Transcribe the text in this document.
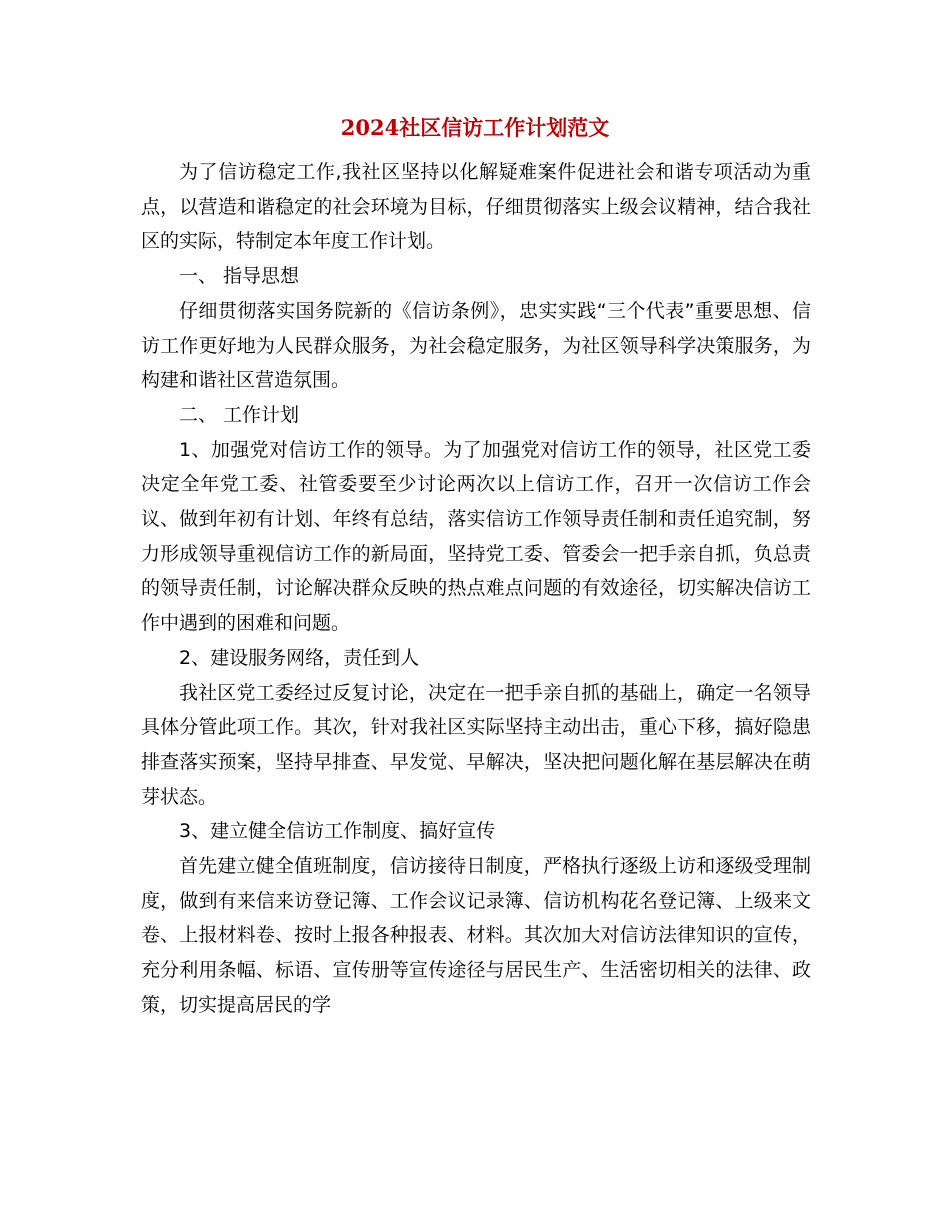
2024社区信访工作计划范文

为了信访稳定工作,我社区坚持以化解疑难案件促进社会和谐专项活动为重点，以营造和谐稳定的社会环境为目标，仔细贯彻落实上级会议精神，结合我社区的实际，特制定本年度工作计划。

一、 指导思想

仔细贯彻落实国务院新的《信访条例》，忠实实践“三个代表”重要思想、信访工作更好地为人民群众服务，为社会稳定服务，为社区领导科学决策服务，为构建和谐社区营造氛围。

二、 工作计划

1、加强党对信访工作的领导。为了加强党对信访工作的领导，社区党工委决定全年党工委、社管委要至少讨论两次以上信访工作，召开一次信访工作会议、做到年初有计划、年终有总结，落实信访工作领导责任制和责任追究制，努力形成领导重视信访工作的新局面，坚持党工委、管委会一把手亲自抓，负总责的领导责任制，讨论解决群众反映的热点难点问题的有效途径，切实解决信访工作中遇到的困难和问题。

2、建设服务网络，责任到人

我社区党工委经过反复讨论，决定在一把手亲自抓的基础上，确定一名领导具体分管此项工作。其次，针对我社区实际坚持主动出击，重心下移，搞好隐患排查落实预案，坚持早排查、早发觉、早解决，坚决把问题化解在基层解决在萌芽状态。

3、建立健全信访工作制度、搞好宣传

首先建立健全值班制度，信访接待日制度，严格执行逐级上访和逐级受理制度，做到有来信来访登记簿、工作会议记录簿、信访机构花名登记簿、上级来文卷、上报材料卷、按时上报各种报表、材料。其次加大对信访法律知识的宣传，充分利用条幅、标语、宣传册等宣传途径与居民生产、生活密切相关的法律、政策，切实提高居民的学
